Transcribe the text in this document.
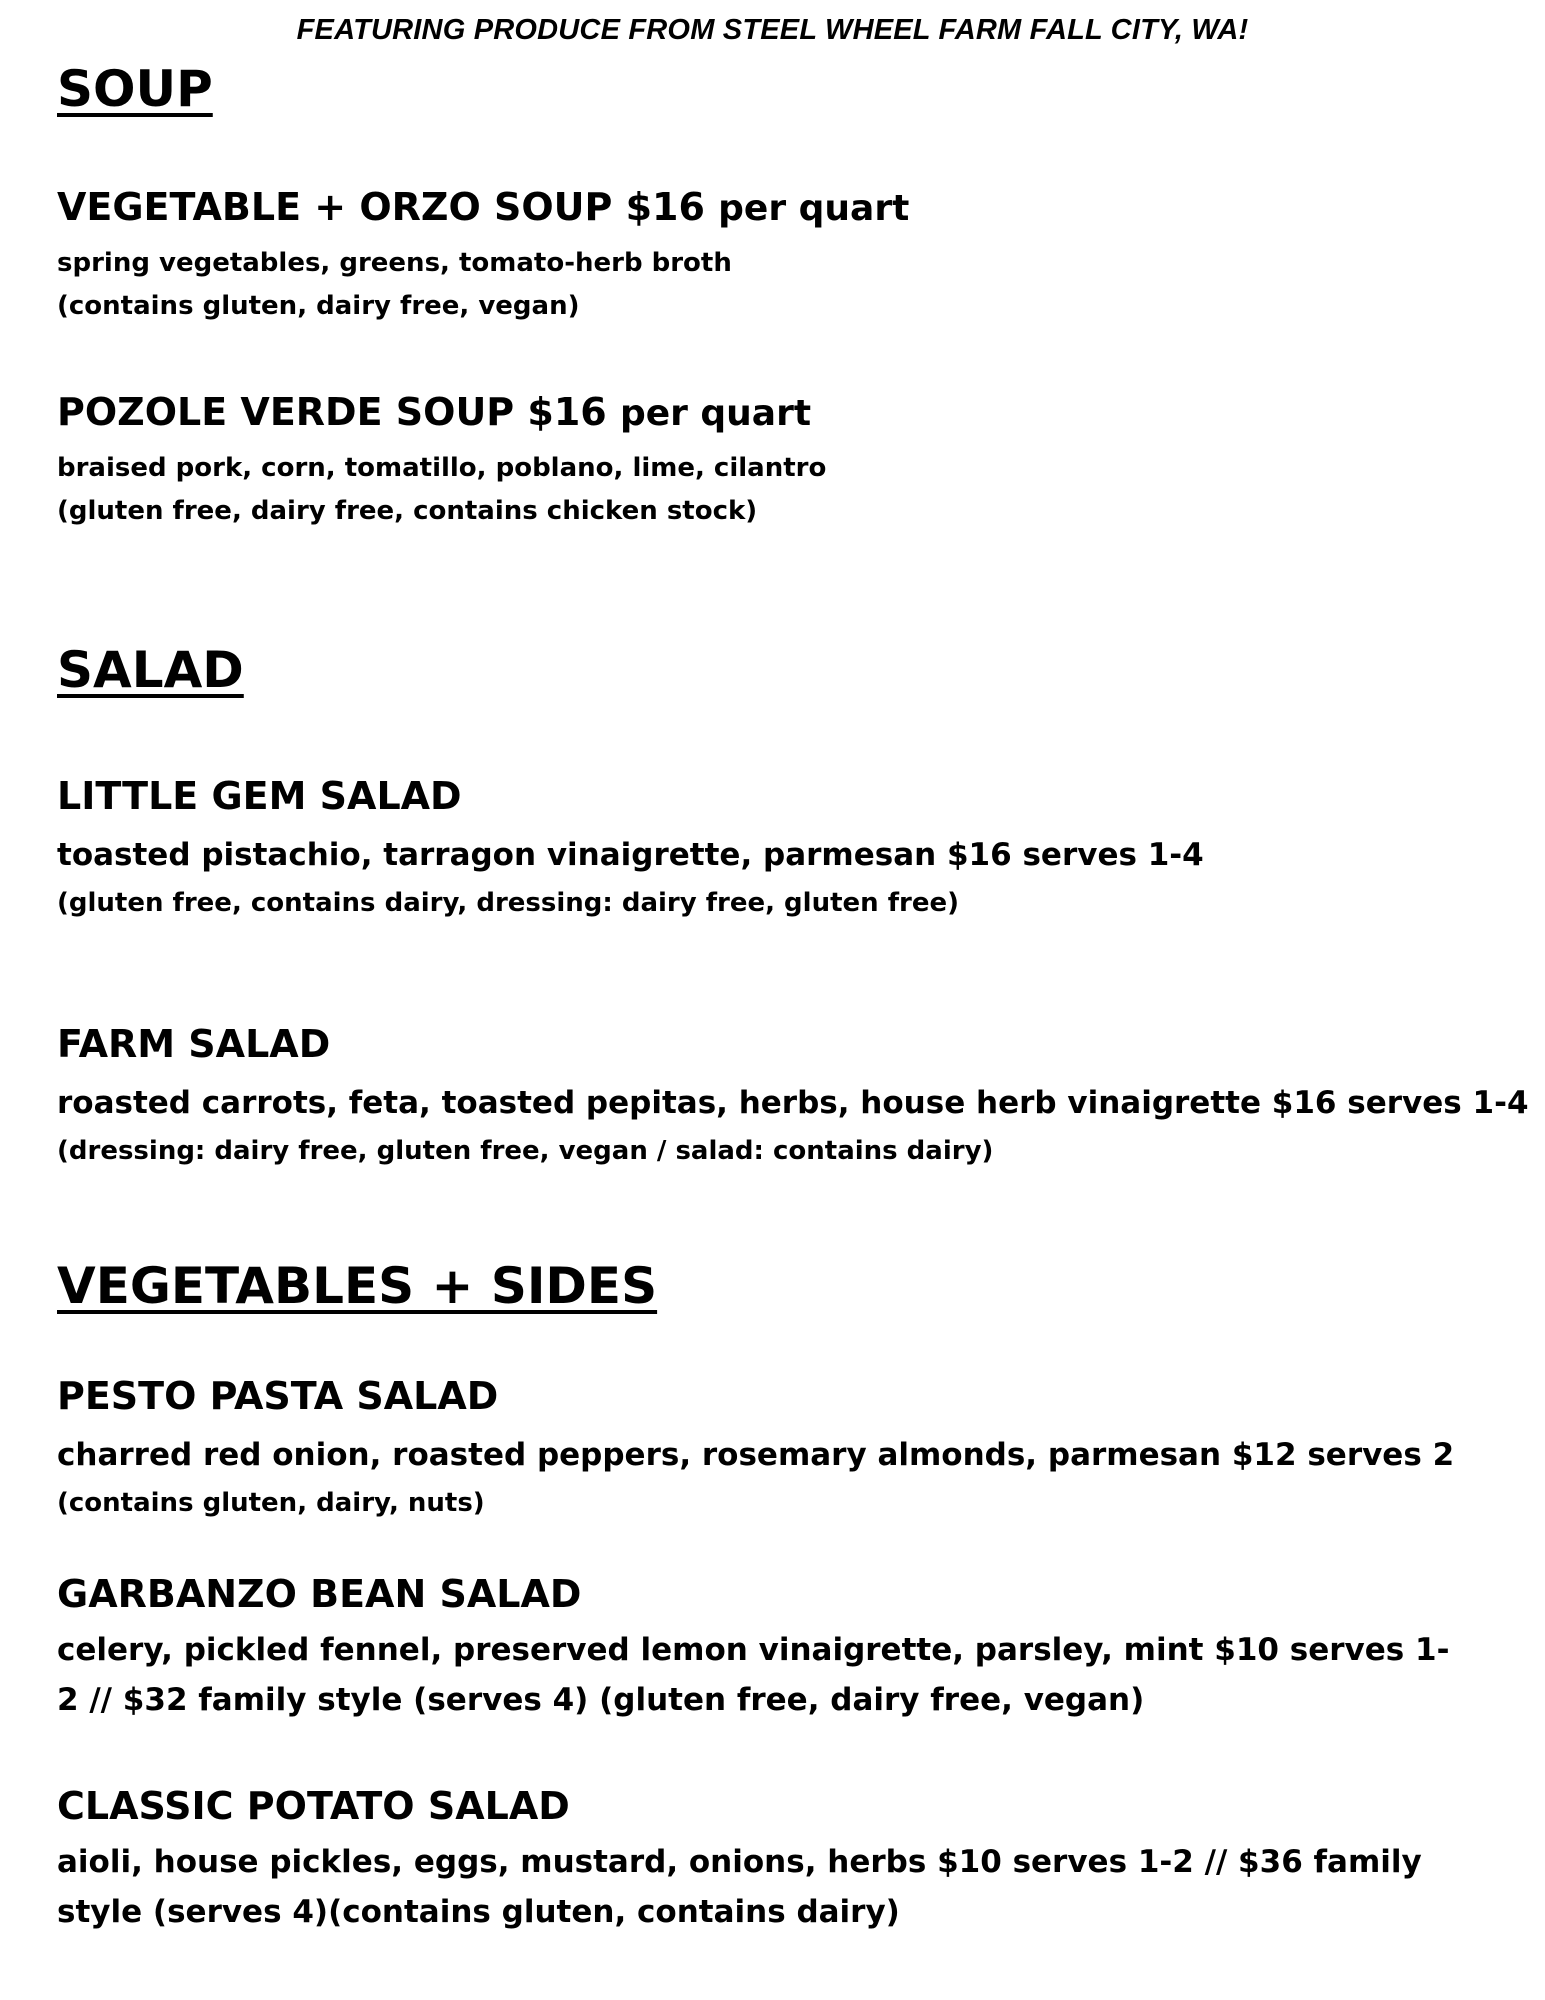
FEATURING PRODUCE FROM STEEL WHEEL FARM FALL CITY, WA!
SOUP
VEGETABLE + ORZO SOUP $16 per quart
spring vegetables, greens, tomato-herb broth
(contains gluten, dairy free, vegan)
POZOLE VERDE SOUP $16 per quart
braised pork, corn, tomatillo, poblano, lime, cilantro
(gluten free, dairy free, contains chicken stock)
SALAD
LITTLE GEM SALAD
toasted pistachio, tarragon vinaigrette, parmesan $16 serves 1-4
(gluten free, contains dairy, dressing: dairy free, gluten free)
FARM SALAD
roasted carrots, feta, toasted pepitas, herbs, house herb vinaigrette $16 serves 1-4
(dressing: dairy free, gluten free, vegan / salad: contains dairy)
VEGETABLES + SIDES
PESTO PASTA SALAD
charred red onion, roasted peppers, rosemary almonds, parmesan $12 serves 2
(contains gluten, dairy, nuts)
GARBANZO BEAN SALAD
celery, pickled fennel, preserved lemon vinaigrette, parsley, mint $10 serves 1-2 // $32 family style (serves 4) (gluten free, dairy free, vegan)
CLASSIC POTATO SALAD
aioli, house pickles, eggs, mustard, onions, herbs $10 serves 1-2 // $36 family style (serves 4)(contains gluten, contains dairy)
